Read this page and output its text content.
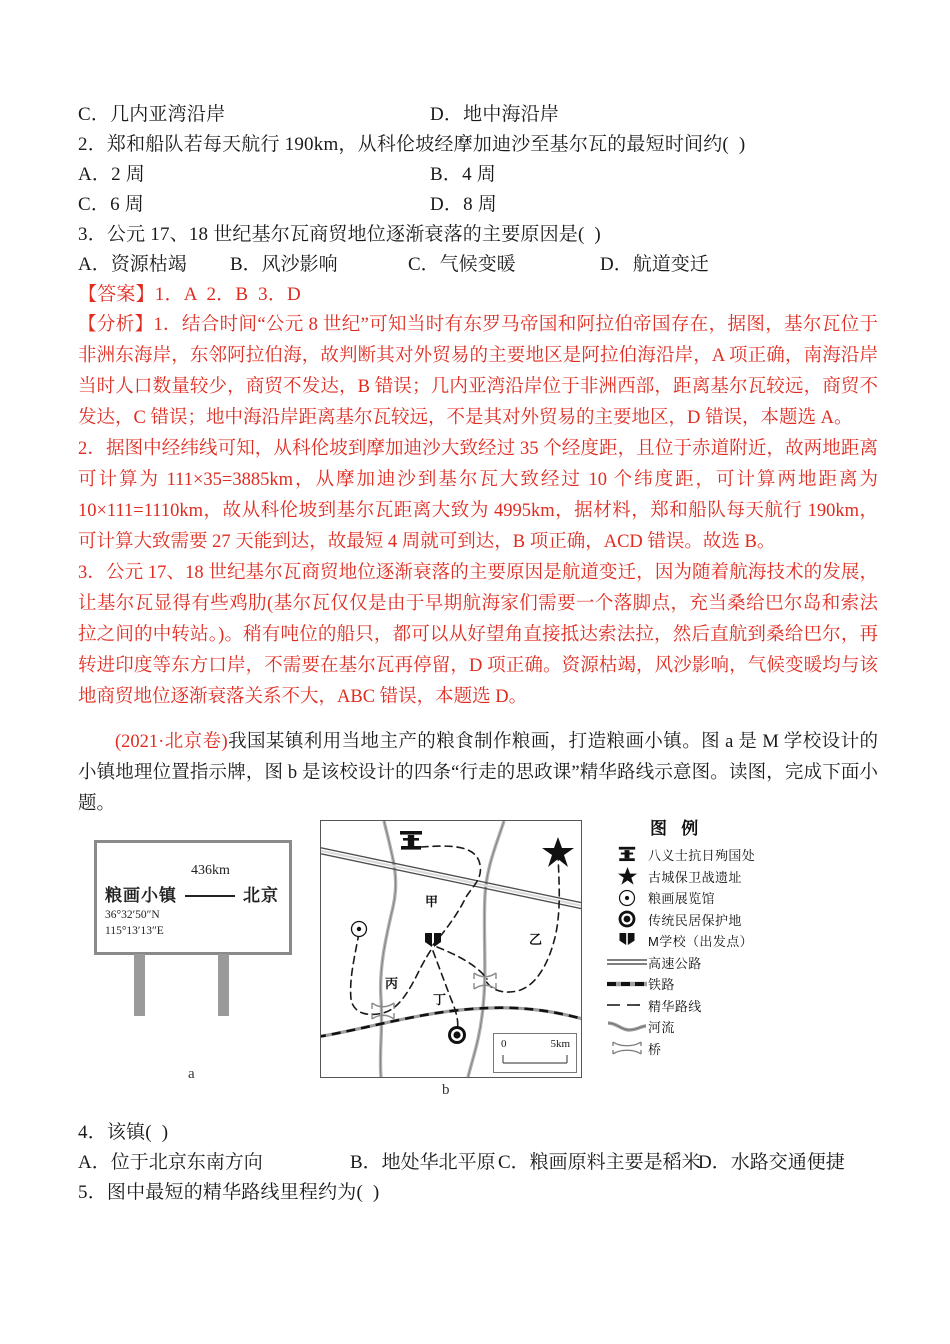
C．几内亚湾沿岸	D．地中海沿岸
2．郑和船队若每天航行 190km，从科伦坡经摩加迪沙至基尔瓦的最短时间约(  )
A．2 周	B．4 周
C．6 周	D．8 周
3．公元 17、18 世纪基尔瓦商贸地位逐渐衰落的主要原因是(  )
A．资源枯竭 B．风沙影响	C．气候变暖	D．航道变迁
【答案】1．A  2．B  3．D
【分析】1．结合时间“公元 8 世纪”可知当时有东罗马帝国和阿拉伯帝国存在，据图，基尔瓦位于非洲东海岸，东邻阿拉伯海，故判断其对外贸易的主要地区是阿拉伯海沿岸，A 项正确，南海沿岸当时人口数量较少，商贸不发达，B 错误；几内亚湾沿岸位于非洲西部，距离基尔瓦较远，商贸不发达，C 错误；地中海沿岸距离基尔瓦较远，不是其对外贸易的主要地区，D 错误，本题选 A。
2．据图中经纬线可知，从科伦坡到摩加迪沙大致经过 35 个经度距，且位于赤道附近，故两地距离可计算为 111×35=3885km，从摩加迪沙到基尔瓦大致经过 10 个纬度距，可计算两地距离为 10×111=1110km，故从科伦坡到基尔瓦距离大致为 4995km，据材料，郑和船队每天航行 190km，可计算大致需要 27 天能到达，故最短 4 周就可到达，B 项正确，ACD 错误。故选 B。
3．公元 17、18 世纪基尔瓦商贸地位逐渐衰落的主要原因是航道变迁，因为随着航海技术的发展，让基尔瓦显得有些鸡肋(基尔瓦仅仅是由于早期航海家们需要一个落脚点，充当桑给巴尔岛和索法拉之间的中转站。)。稍有吨位的船只，都可以从好望角直接抵达索法拉，然后直航到桑给巴尔，再转进印度等东方口岸，不需要在基尔瓦再停留，D 项正确。资源枯竭，风沙影响，气候变暖均与该地商贸地位逐渐衰落关系不大，ABC 错误，本题选 D。
(2021·北京卷)我国某镇利用当地主产的粮食制作粮画，打造粮画小镇。图 a 是 M 学校设计的小镇地理位置指示牌，图 b 是该校设计的四条“行走的思政课”精华路线示意图。读图，完成下面小题。
436km
粮画小镇	北京
36°32′50″N
115°13′13″E
a
甲
乙
丙
丁
0	5km
b
图 例
八义士抗日殉国处
古城保卫战遗址
粮画展览馆
传统民居保护地
M学校（出发点）
高速公路
铁路
精华路线
河流
桥
4．该镇(  )
A．位于北京东南方向	B．地处华北平原 C．粮画原料主要是稻米
D．水路交通便捷
5．图中最短的精华路线里程约为(  )
